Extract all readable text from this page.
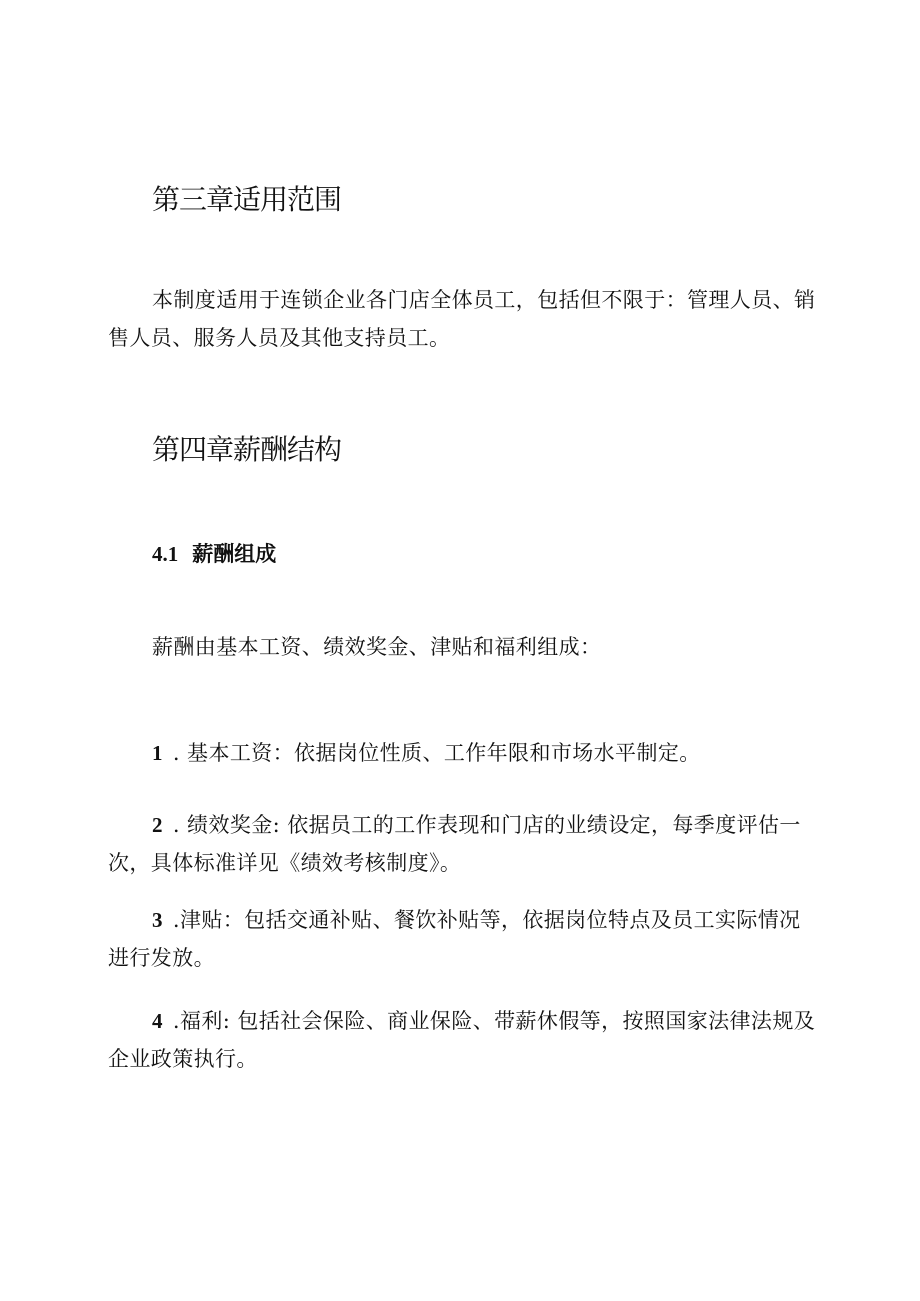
第三章适用范围

本制度适用于连锁企业各门店全体员工，包括但不限于：管理人员、销售人员、服务人员及其他支持员工。

第四章薪酬结构
4.1 薪酬组成

薪酬由基本工资、绩效奖金、津贴和福利组成：

1 . 基本工资：依据岗位性质、工作年限和市场水平制定。

2 . 绩效奖金: 依据员工的工作表现和门店的业绩设定，每季度评估一次，具体标准详见《绩效考核制度》。

3 .津贴：包括交通补贴、餐饮补贴等，依据岗位特点及员工实际情况进行发放。

4 .福利: 包括社会保险、商业保险、带薪休假等，按照国家法律法规及企业政策执行。
